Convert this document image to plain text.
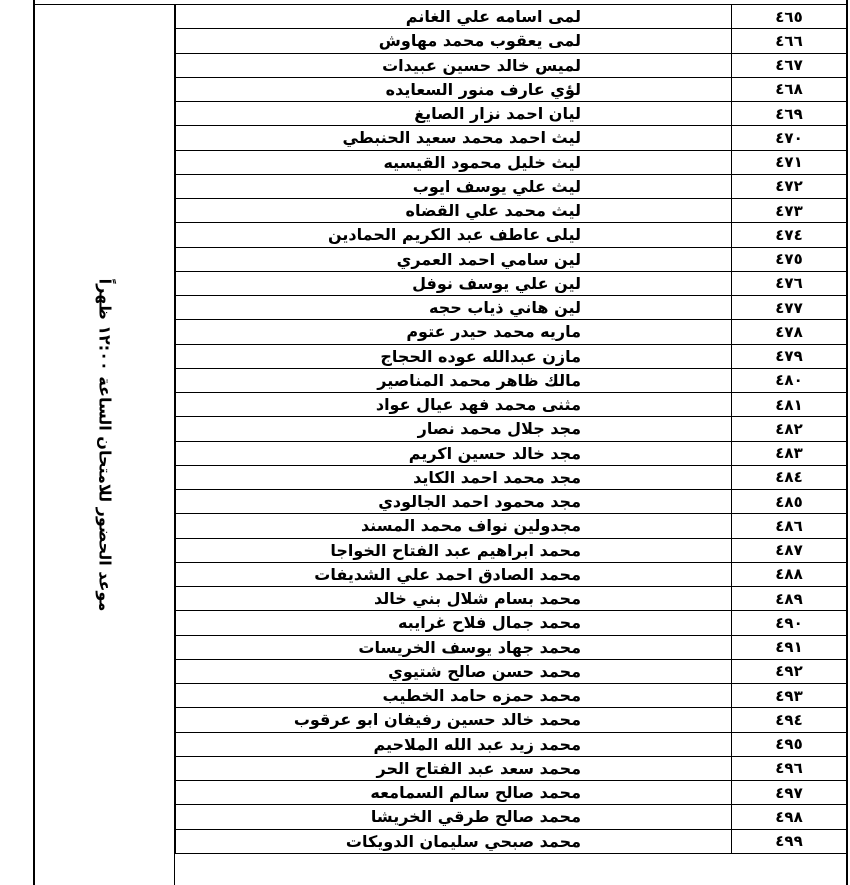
موعد الحضور للامتحان الساعة ١٢:٠٠ ظهراً
٤٦٥	لمى اسامه علي الغانم
٤٦٦	لمى يعقوب محمد مهاوش
٤٦٧	لميس خالد حسين عبيدات
٤٦٨	لؤي عارف منور السعايده
٤٦٩	ليان احمد نزار الصايغ
٤٧٠	ليث احمد محمد سعيد الحنبطي
٤٧١	ليث خليل محمود القيسيه
٤٧٢	ليث علي يوسف ايوب
٤٧٣	ليث محمد علي القضاه
٤٧٤	ليلى عاطف عبد الكريم الحمادين
٤٧٥	لين سامي احمد العمري
٤٧٦	لين علي يوسف نوفل
٤٧٧	لين هاني ذياب حجه
٤٧٨	ماريه محمد حيدر عتوم
٤٧٩	مازن عبدالله عوده الحجاج
٤٨٠	مالك ظاهر محمد المناصير
٤٨١	مثنى محمد فهد عيال عواد
٤٨٢	مجد جلال محمد نصار
٤٨٣	مجد خالد حسين اكريم
٤٨٤	مجد محمد احمد الكايد
٤٨٥	مجد محمود احمد الجالودي
٤٨٦	مجدولين نواف محمد المسند
٤٨٧	محمد ابراهيم عبد الفتاح الخواجا
٤٨٨	محمد الصادق احمد علي الشديفات
٤٨٩	محمد بسام شلال بني خالد
٤٩٠	محمد جمال فلاح غرايبه
٤٩١	محمد جهاد يوسف الخريسات
٤٩٢	محمد حسن صالح شتيوي
٤٩٣	محمد حمزه حامد الخطيب
٤٩٤	محمد خالد حسين رفيفان ابو عرقوب
٤٩٥	محمد زيد عبد الله الملاحيم
٤٩٦	محمد سعد عبد الفتاح الحر
٤٩٧	محمد صالح سالم السمامعه
٤٩٨	محمد صالح طرقي الخريشا
٤٩٩	محمد صبحي سليمان الدويكات
